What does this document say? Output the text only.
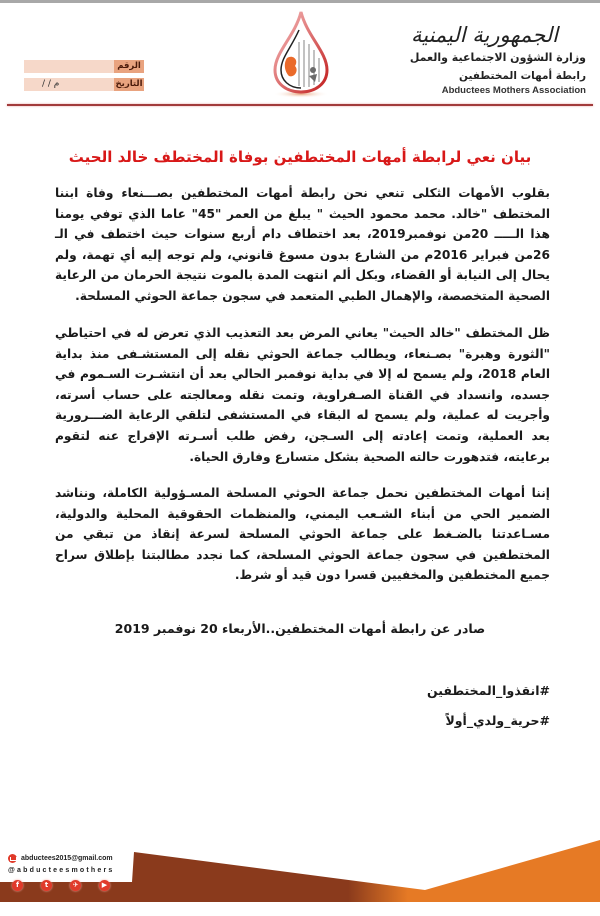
الجمهورية اليمنية
وزارة الشؤون الاجتماعية والعمل
رابطة أمهات المختطفين
Abductees Mothers Association
الرقم
/ / م	التاريخ
بيان نعي لرابطة أمهات المختطفين بوفاة المختطف خالد الحيث
بقلوب الأمهات الثكلى تنعي نحن رابطة أمهات المختطفين بصـــنعاء وفاة ابننا المختطف "خالد. محمد محمود الحيث " يبلغ من العمر "45" عاما الذي توفي يومنا هذا الـــــ 20من نوفمبر2019، بعد اختطاف دام أربع سنوات حيث اختطف في الـ 26من فبراير 2016م من الشارع بدون مسوغ قانوني، ولم توجه إليه أي تهمة، ولم يحال إلى النيابة أو القضاء، وبكل ألم انتهت المدة بالموت نتيجة الحرمان من الرعاية الصحية المتخصصة، والإهمال الطبي المتعمد في سجون جماعة الحوثي المسلحة.
ظل المختطف "خالد الحيث" يعاني المرض بعد التعذيب الذي تعرض له في احتياطي "الثورة وهبرة" بصـنعاء، ويطالب جماعة الحوثي نقله إلى المستشـفى منذ بداية العام 2018، ولم يسمح له إلا في بداية نوفمبر الحالي بعد أن انتشـرت السـموم في جسده، وانسداد في القناة الصـفراوية، وتمت نقله ومعالجته على حساب أسرته، وأجريت له عملية، ولم يسمح له البقاء في المستشفى لتلقي الرعاية الضـــرورية بعد العملية، وتمت إعادته إلى السـجن، رفض طلب أسـرته الإفراج عنه لتقوم برعايته، فتدهورت حالته الصحية بشكل متسارع وفارق الحياة.
إننا أمهات المختطفين نحمل جماعة الحوثي المسلحة المسـؤولية الكاملة، ونناشد الضمير الحي من أبناء الشـعب اليمني، والمنظمات الحقوقية المحلية والدولية، مسـاعدتنا بالضـغط على جماعة الحوثي المسلحة لسرعة إنقاذ من تبقي من المختطفين في سجون جماعة الحوثي المسلحة، كما نجدد مطالبتنا بإطلاق سراح جميع المختطفين والمخفيين قسرا دون قيد أو شرط.
صادر عن رابطة أمهات المختطفين..الأربعاء 20 نوفمبر 2019
#انقذوا_المختطفين
#حرية_ولدي_أولاً
abductees2015@gmail.com
@abducteesmothers
f	t	✈	▶
